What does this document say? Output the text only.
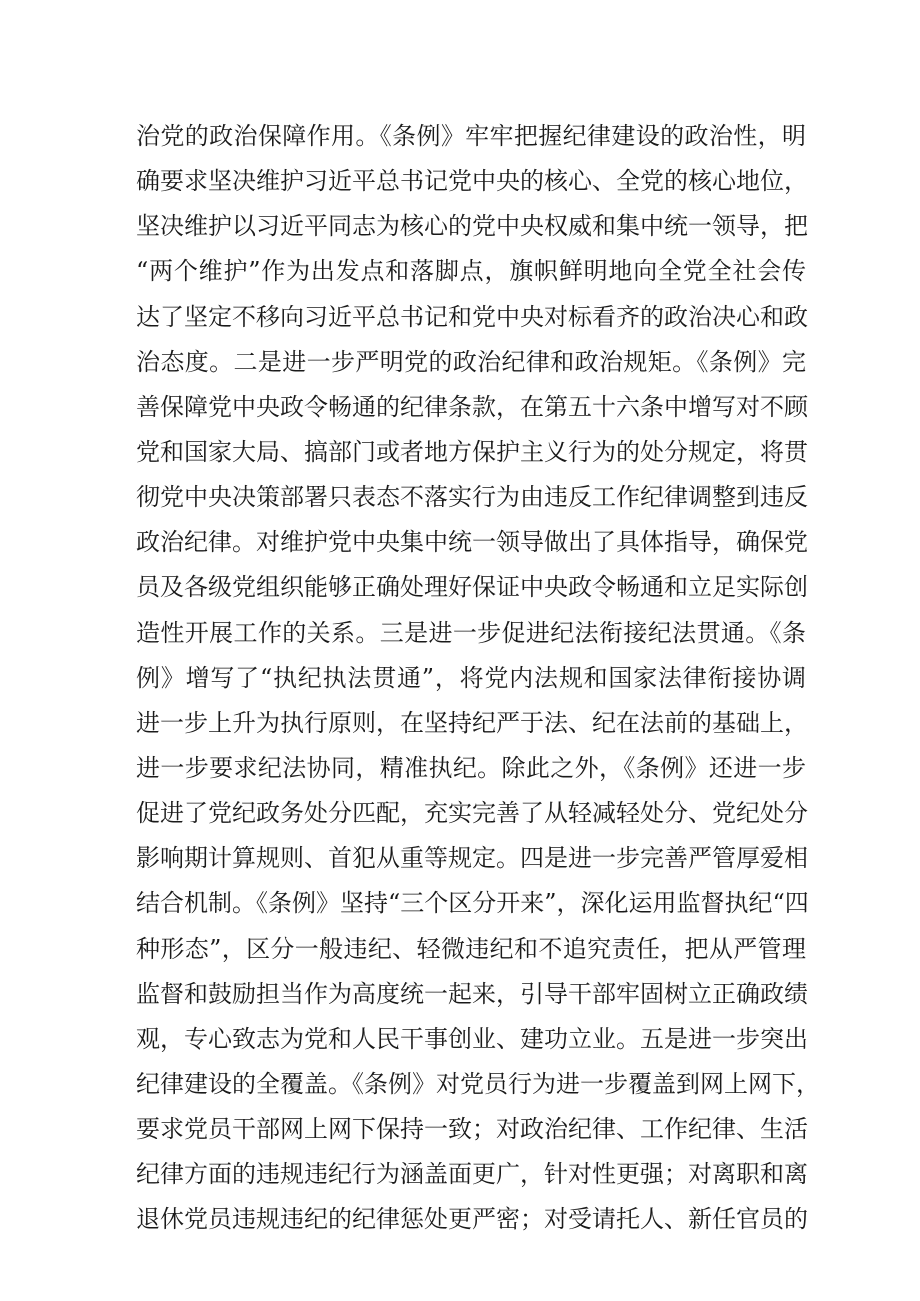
治党的政治保障作用。《条例》牢牢把握纪律建设的政治性，明
确要求坚决维护习近平总书记党中央的核心、全党的核心地位，
坚决维护以习近平同志为核心的党中央权威和集中统一领导，把
“两个维护”作为出发点和落脚点，旗帜鲜明地向全党全社会传
达了坚定不移向习近平总书记和党中央对标看齐的政治决心和政
治态度。二是进一步严明党的政治纪律和政治规矩。《条例》完
善保障党中央政令畅通的纪律条款，在第五十六条中增写对不顾
党和国家大局、搞部门或者地方保护主义行为的处分规定，将贯
彻党中央决策部署只表态不落实行为由违反工作纪律调整到违反
政治纪律。对维护党中央集中统一领导做出了具体指导，确保党
员及各级党组织能够正确处理好保证中央政令畅通和立足实际创
造性开展工作的关系。三是进一步促进纪法衔接纪法贯通。《条
例》增写了“执纪执法贯通”，将党内法规和国家法律衔接协调
进一步上升为执行原则，在坚持纪严于法、纪在法前的基础上，
进一步要求纪法协同，精准执纪。除此之外，《条例》还进一步
促进了党纪政务处分匹配，充实完善了从轻减轻处分、党纪处分
影响期计算规则、首犯从重等规定。四是进一步完善严管厚爱相
结合机制。《条例》坚持“三个区分开来”，深化运用监督执纪“四
种形态”，区分一般违纪、轻微违纪和不追究责任，把从严管理
监督和鼓励担当作为高度统一起来，引导干部牢固树立正确政绩
观，专心致志为党和人民干事创业、建功立业。五是进一步突出
纪律建设的全覆盖。《条例》对党员行为进一步覆盖到网上网下，
要求党员干部网上网下保持一致；对政治纪律、工作纪律、生活
纪律方面的违规违纪行为涵盖面更广，针对性更强；对离职和离
退休党员违规违纪的纪律惩处更严密；对受请托人、新任官员的
